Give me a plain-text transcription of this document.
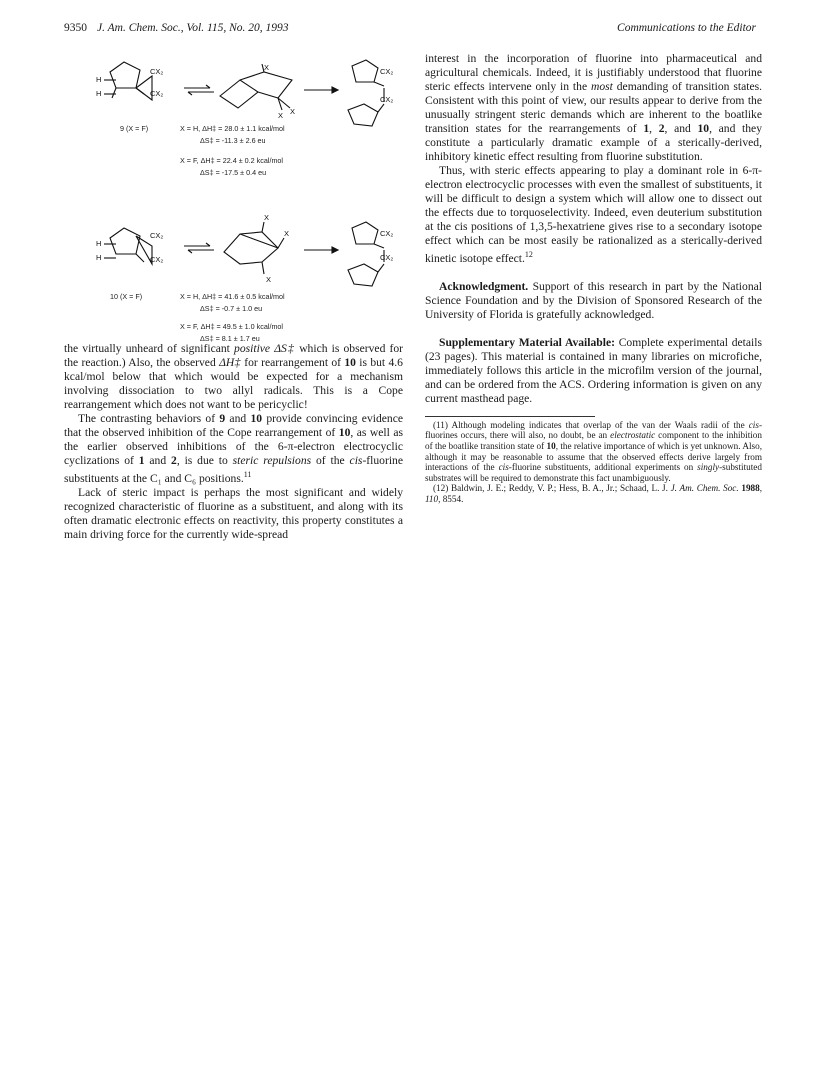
9350 J. Am. Chem. Soc., Vol. 115, No. 20, 1993	Communications to the Editor
CX₂
CX₂
H
H
X
X X
CX₂
CX₂
CX₂
CX₂
H
H
X
X
X
CX₂
CX₂
9 (X = F)	X = H, ΔH‡ = 28.0 ± 1.1 kcal/mol
ΔS‡ = -11.3 ± 2.6 eu
X = F, ΔH‡ = 22.4 ± 0.2 kcal/mol
ΔS‡ = -17.5 ± 0.4 eu
10 (X = F)	X = H, ΔH‡ = 41.6 ± 0.5 kcal/mol
ΔS‡ = -0.7 ± 1.0 eu
X = F, ΔH‡ = 49.5 ± 1.0 kcal/mol
ΔS‡ = 8.1 ± 1.7 eu

the virtually unheard of significant positive ΔS‡ which is observed for the reaction.) Also, the observed ΔH‡ for rearrangement of 10 is but 4.6 kcal/mol below that which would be expected for a mechanism involving dissociation to two allyl radicals. This is a Cope rearrangement which does not want to be pericyclic!

The contrasting behaviors of 9 and 10 provide convincing evidence that the observed inhibition of the Cope rearrangement of 10, as well as the earlier observed inhibitions of the 6-π-electron electrocyclic cyclizations of 1 and 2, is due to steric repulsions of the cis-fluorine substituents at the C₁ and C₆ positions.$^{11}$

Lack of steric impact is perhaps the most significant and widely recognized characteristic of fluorine as a substituent, and along with its often dramatic electronic effects on reactivity, this property constitutes a main driving force for the currently wide-spread

interest in the incorporation of fluorine into pharmaceutical and agricultural chemicals. Indeed, it is justifiably understood that fluorine steric effects intervene only in the most demanding of transition states. Consistent with this point of view, our results appear to derive from the unusually stringent steric demands which are inherent to the boatlike transition states for the rearrangements of 1, 2, and 10, and they constitute a particularly dramatic example of a sterically-derived, inhibitory kinetic effect resulting from fluorine substitution.

Thus, with steric effects appearing to play a dominant role in 6-π-electron electrocyclic processes with even the smallest of substituents, it will be difficult to design a system which will allow one to dissect out the effects due to torquoselectivity. Indeed, even deuterium substitution at the cis positions of 1,3,5-hexatriene gives rise to a secondary isotope effect which can be most easily be rationalized as a sterically-derived kinetic isotope effect.$^{12}$

Acknowledgment. Support of this research in part by the National Science Foundation and by the Division of Sponsored Research of the University of Florida is gratefully acknowledged.

Supplementary Material Available: Complete experimental details (23 pages). This material is contained in many libraries on microfiche, immediately follows this article in the microfilm version of the journal, and can be ordered from the ACS. Ordering information is given on any current masthead page.

(11) Although modeling indicates that overlap of the van der Waals radii of the cis-fluorines occurs, there will also, no doubt, be an electrostatic component to the inhibition of the boatlike transition state of 10, the relative importance of which is yet unknown. Also, although it may be reasonable to assume that the observed effects derive largely from interactions of the cis-fluorine substituents, additional experiments on singly-substituted substrates will be required to demonstrate this fact unambiguously.

(12) Baldwin, J. E.; Reddy, V. P.; Hess, B. A., Jr.; Schaad, L. J. J. Am. Chem. Soc. 1988, 110, 8554.
